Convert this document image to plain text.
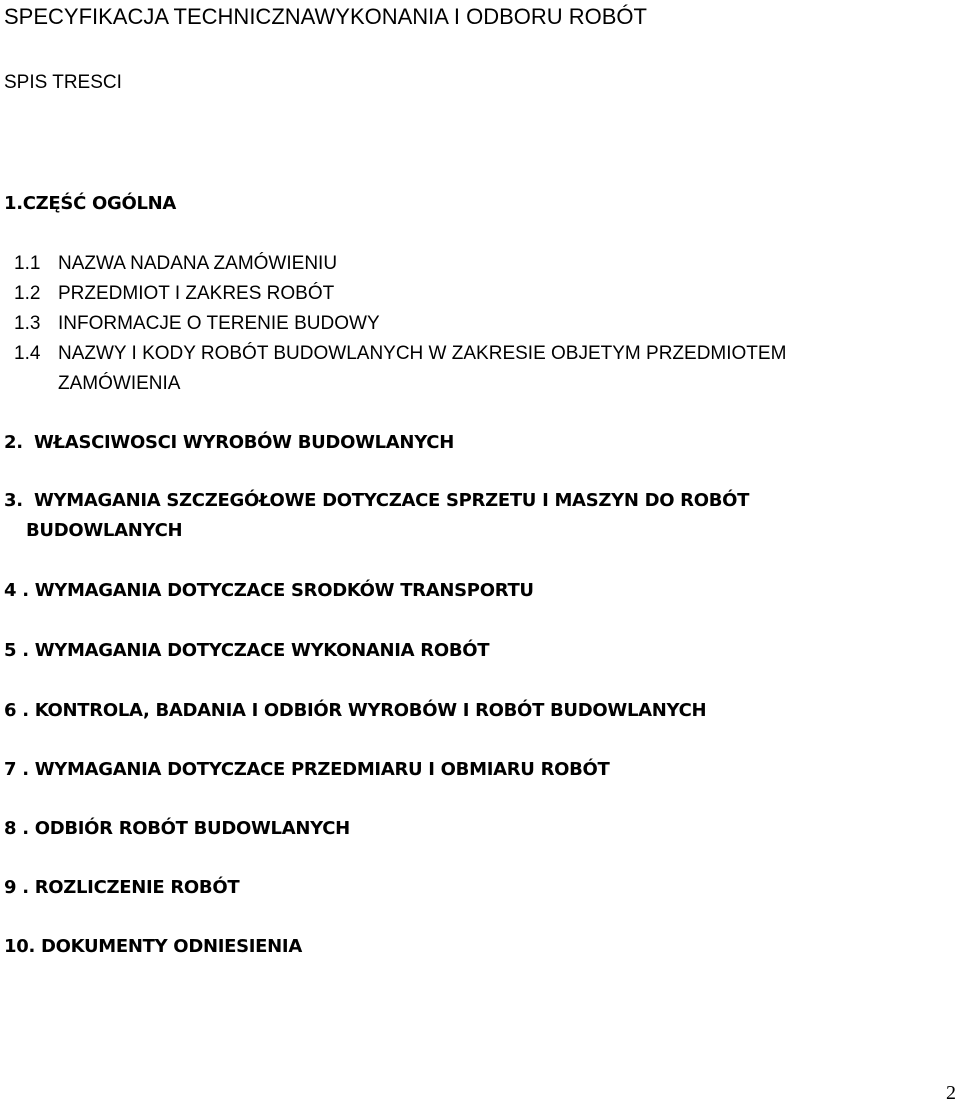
SPECYFIKACJA TECHNICZNAWYKONANIA I ODBORU ROBÓT
SPIS TRESCI
1.CZĘŚĆ OGÓLNA
1.1 NAZWA NADANA ZAMÓWIENIU
1.2 PRZEDMIOT I ZAKRES ROBÓT
1.3 INFORMACJE O TERENIE BUDOWY
1.4 NAZWY I KODY ROBÓT BUDOWLANYCH W ZAKRESIE OBJETYM PRZEDMIOTEM
ZAMÓWIENIA
2. WŁASCIWOSCI WYROBÓW BUDOWLANYCH
3. WYMAGANIA SZCZEGÓŁOWE DOTYCZACE SPRZETU I MASZYN DO ROBÓT
BUDOWLANYCH
4 . WYMAGANIA DOTYCZACE SRODKÓW TRANSPORTU
5 . WYMAGANIA DOTYCZACE WYKONANIA ROBÓT
6 . KONTROLA, BADANIA I ODBIÓR WYROBÓW I ROBÓT BUDOWLANYCH
7 . WYMAGANIA DOTYCZACE PRZEDMIARU I OBMIARU ROBÓT
8 . ODBIÓR ROBÓT BUDOWLANYCH
9 . ROZLICZENIE ROBÓT
10. DOKUMENTY ODNIESIENIA
2
